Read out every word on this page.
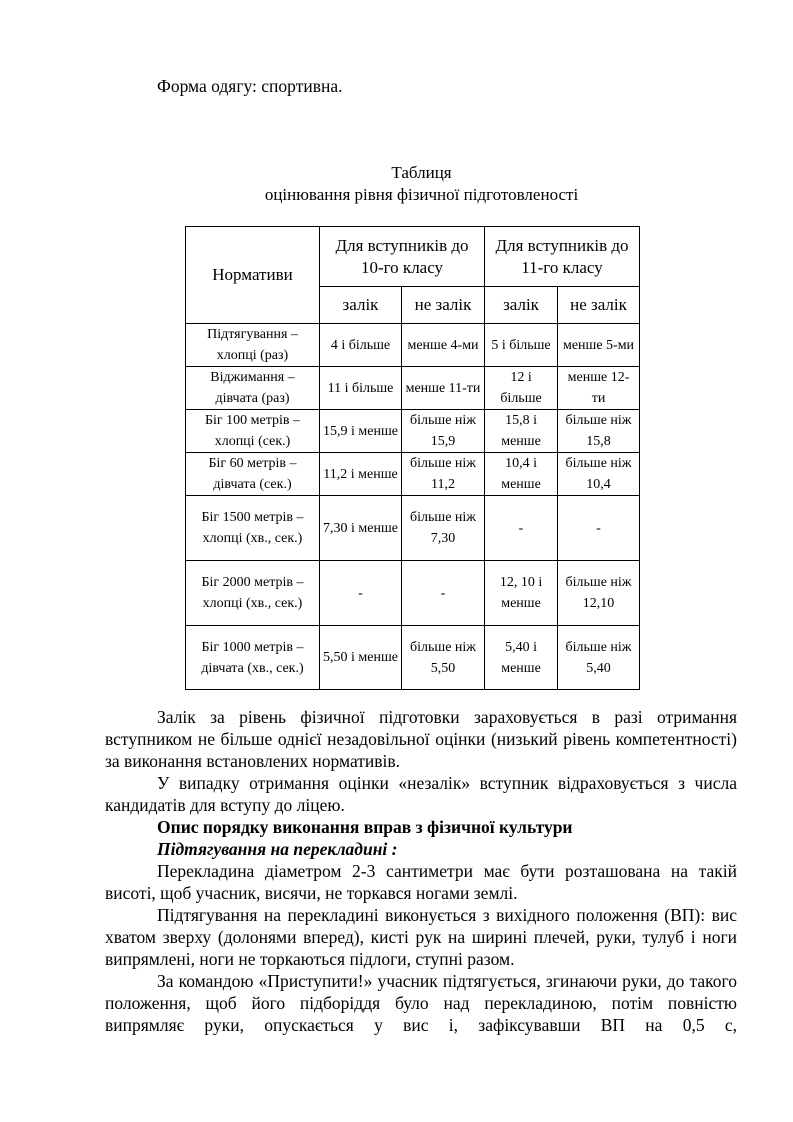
Форма одягу: спортивна.
Таблиця
оцінювання рівня фізичної підготовленості
Нормативи	Для вступників до 10-го класу		Для вступників до 11-го класу	
	залік	не залік	залік	не залік
Підтягування – хлопці (раз)	4 і більше	менше 4-ми	5 і більше	менше 5-ми
Віджимання – дівчата (раз)	11 і більше	менше 11-ти	12 і більше	менше 12-ти
Біг 100 метрів – хлопці (сек.)	15,9 і менше	більше ніж 15,9	15,8 і менше	більше ніж 15,8
Біг 60 метрів – дівчата (сек.)	11,2 і менше	більше ніж 11,2	10,4 і менше	більше ніж 10,4
Біг 1500 метрів – хлопці (хв., сек.)	7,30 і менше	більше ніж 7,30	-	-
Біг 2000 метрів – хлопці (хв., сек.)	-	-	12, 10 і менше	більше ніж 12,10
Біг 1000 метрів – дівчата (хв., сек.)	5,50 і менше	більше ніж 5,50	5,40 і менше	більше ніж 5,40
Залік за рівень фізичної підготовки зараховується в разі отримання вступником не більше однієї незадовільної оцінки (низький рівень компетентності) за виконання встановлених нормативів.
У випадку отримання оцінки «незалік» вступник відраховується з числа кандидатів для вступу до ліцею.
Опис порядку виконання вправ з фізичної культури
Підтягування на перекладині :
Перекладина діаметром 2-3 сантиметри має бути розташована на такій висоті, щоб учасник, висячи, не торкався ногами землі.
Підтягування на перекладині виконується з вихідного положення (ВП): вис хватом зверху (долонями вперед), кисті рук на ширині плечей, руки, тулуб і ноги випрямлені, ноги не торкаються підлоги, ступні разом.
За командою «Приступити!» учасник підтягується, згинаючи руки, до такого положення, щоб його підборіддя було над перекладиною, потім повністю випрямляє руки, опускається у вис і, зафіксувавши ВП на 0,5 с,
